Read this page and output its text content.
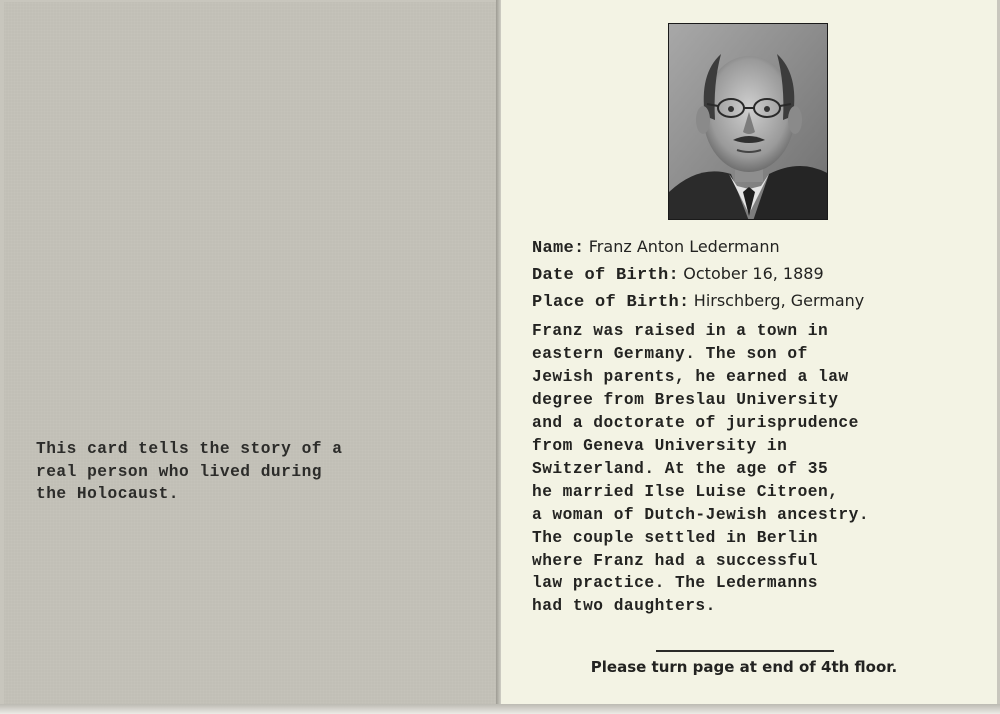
This card tells the story of a
real person who lived during
the Holocaust.
Name: Franz Anton Ledermann
Date of Birth: October 16, 1889
Place of Birth: Hirschberg, Germany
Franz was raised in a town in
eastern Germany. The son of
Jewish parents, he earned a law
degree from Breslau University
and a doctorate of jurisprudence
from Geneva University in
Switzerland. At the age of 35
he married Ilse Luise Citroen,
a woman of Dutch-Jewish ancestry.
The couple settled in Berlin
where Franz had a successful
law practice. The Ledermanns
had two daughters.
Please turn page at end of 4th floor.
